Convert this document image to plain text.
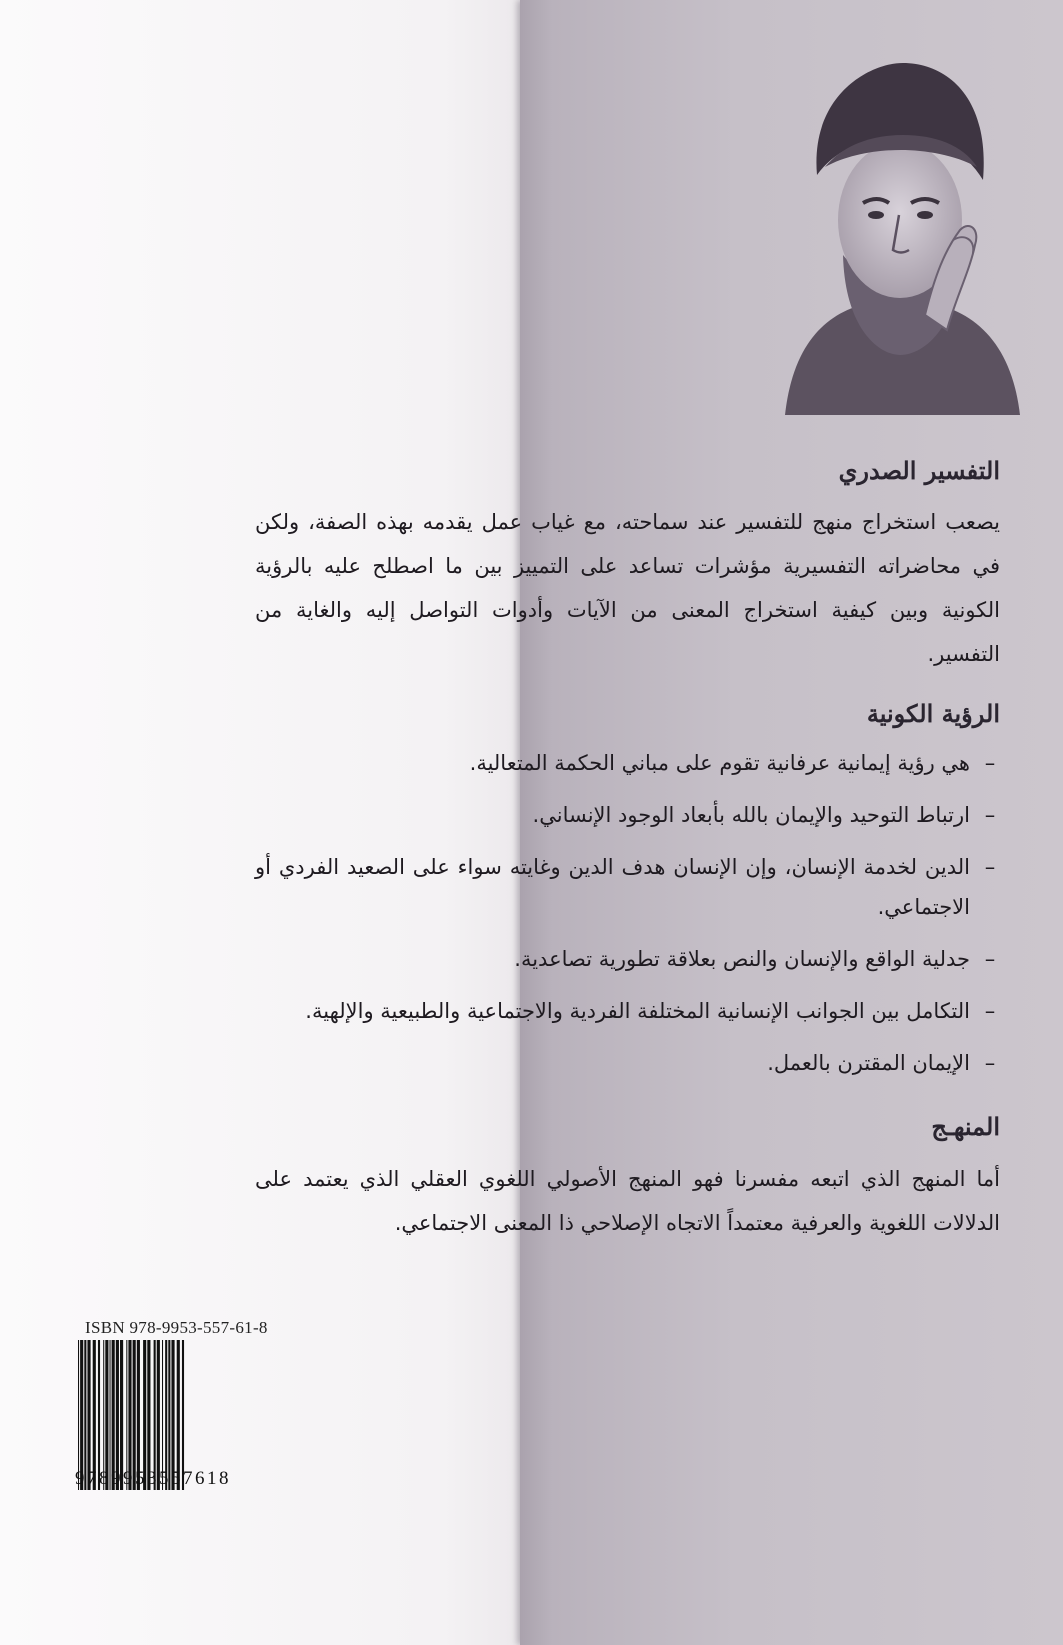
التفسير الصدري

يصعب استخراج منهج للتفسير عند سماحته، مع غياب عمل يقدمه بهذه الصفة، ولكن في محاضراته التفسيرية مؤشرات تساعد على التمييز بين ما اصطلح عليه بالرؤية الكونية وبين كيفية استخراج المعنى من الآيات وأدوات التواصل إليه والغاية من التفسير.

الرؤية الكونية
–
هي رؤية إيمانية عرفانية تقوم على مباني الحكمة المتعالية.
–
ارتباط التوحيد والإيمان بالله بأبعاد الوجود الإنساني.
–
الدين لخدمة الإنسان، وإن الإنسان هدف الدين وغايته سواء على الصعيد الفردي أو الاجتماعي.
–
جدلية الواقع والإنسان والنص بعلاقة تطورية تصاعدية.
–
التكامل بين الجوانب الإنسانية المختلفة الفردية والاجتماعية والطبيعية والإلهية.
–
الإيمان المقترن بالعمل.
المنهـج

أما المنهج الذي اتبعه مفسرنا فهو المنهج الأصولي اللغوي العقلي الذي يعتمد على الدلالات اللغوية والعرفية معتمداً الاتجاه الإصلاحي ذا المعنى الاجتماعي.

ISBN 978-9953-557-61-8
9789953557618
